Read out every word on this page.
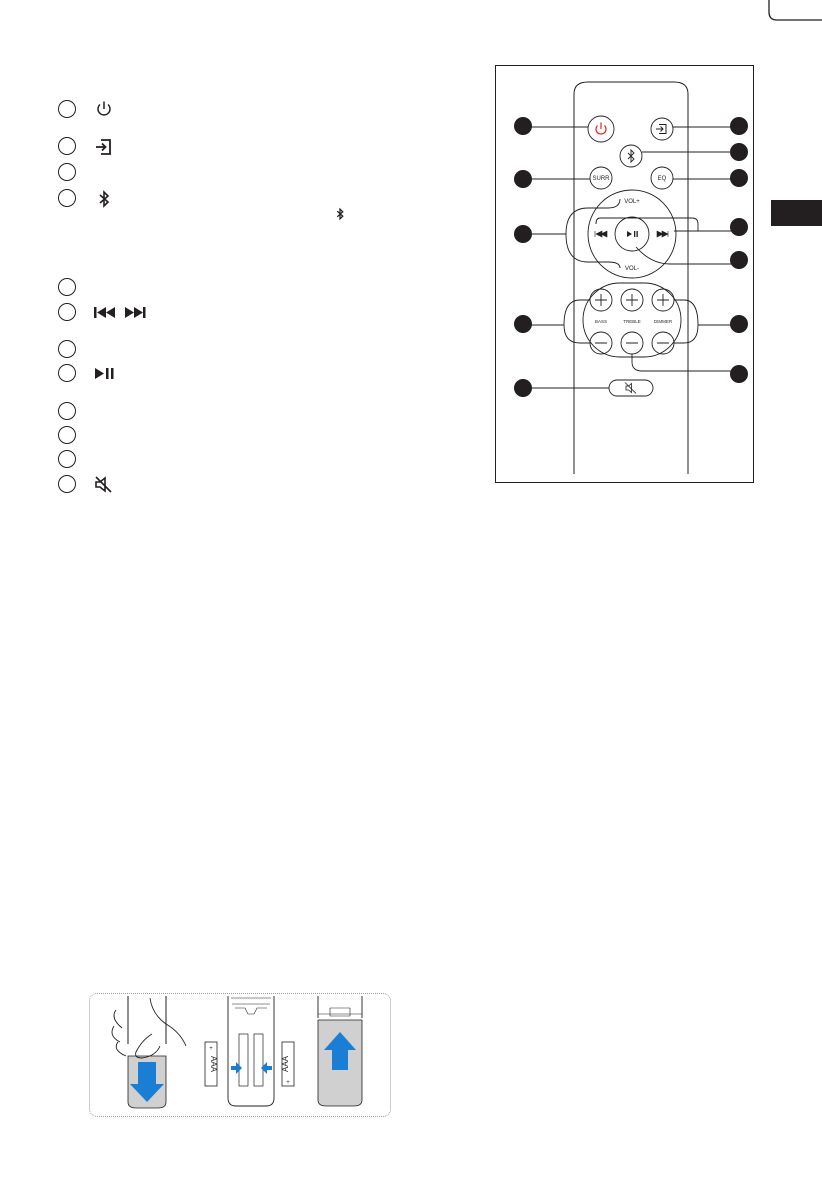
SURR	EQ
VOL+
VOL-
BASS	TREBLE	DIMMER
AAA
+
AAA
+
